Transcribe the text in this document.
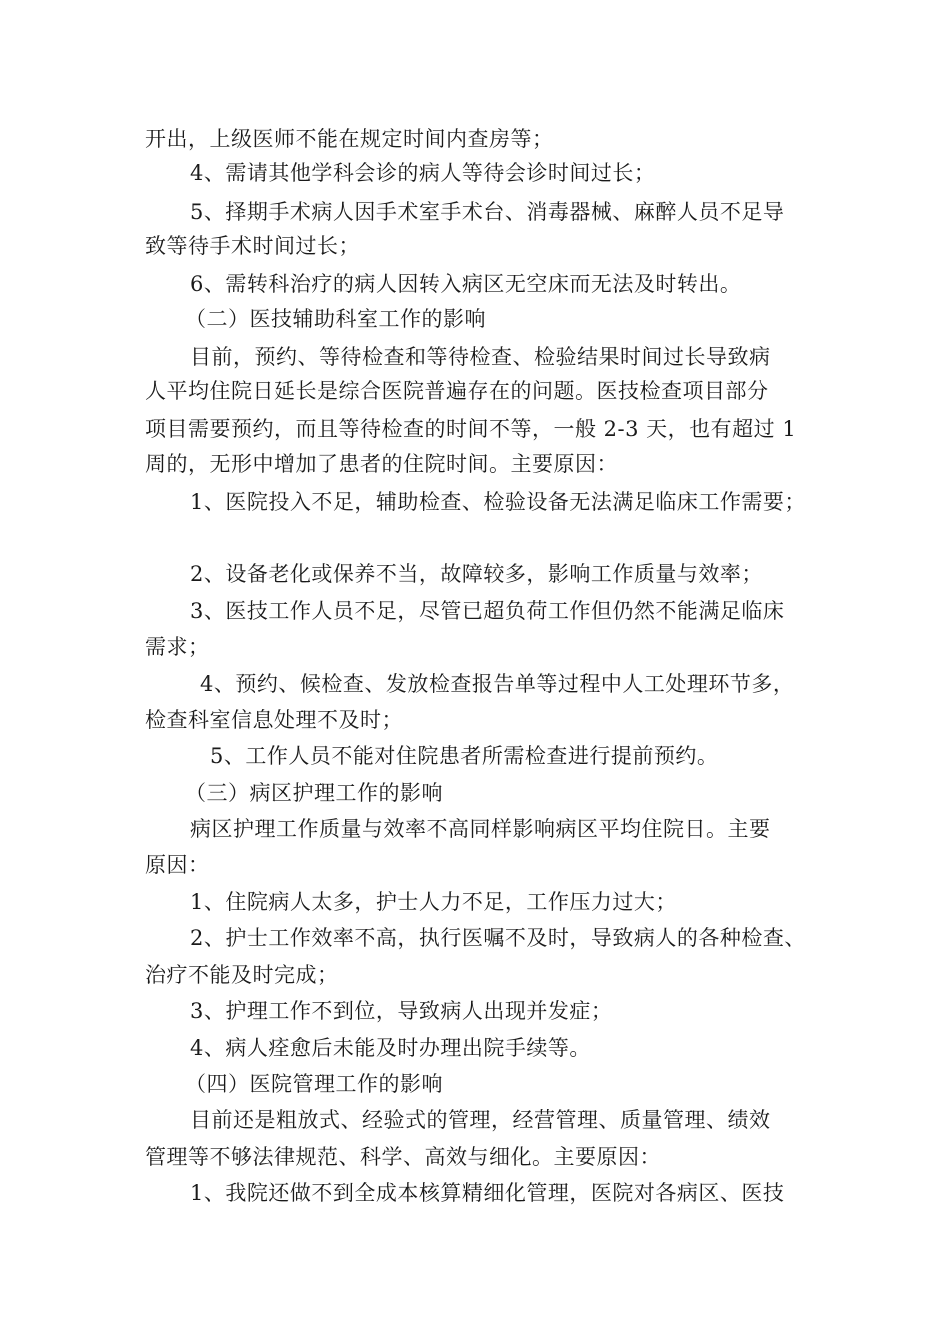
开出，上级医师不能在规定时间内查房等；

4、需请其他学科会诊的病人等待会诊时间过长；

5、择期手术病人因手术室手术台、消毒器械、麻醉人员不足导

致等待手术时间过长；

6、需转科治疗的病人因转入病区无空床而无法及时转出。

（二）医技辅助科室工作的影响

目前，预约、等待检查和等待检查、检验结果时间过长导致病

人平均住院日延长是综合医院普遍存在的问题。医技检查项目部分

项目需要预约，而且等待检查的时间不等，一般 2-3 天，也有超过 1

周的，无形中增加了患者的住院时间。主要原因：

1、医院投入不足，辅助检查、检验设备无法满足临床工作需要；

2、设备老化或保养不当，故障较多，影响工作质量与效率；

3、医技工作人员不足，尽管已超负荷工作但仍然不能满足临床

需求；

4、预约、候检查、发放检查报告单等过程中人工处理环节多，

检查科室信息处理不及时；

5、工作人员不能对住院患者所需检查进行提前预约。

（三）病区护理工作的影响

病区护理工作质量与效率不高同样影响病区平均住院日。主要

原因：

1、住院病人太多，护士人力不足，工作压力过大；

2、护士工作效率不高，执行医嘱不及时，导致病人的各种检查、

治疗不能及时完成；

3、护理工作不到位，导致病人出现并发症；

4、病人痊愈后未能及时办理出院手续等。

（四）医院管理工作的影响

目前还是粗放式、经验式的管理，经营管理、质量管理、绩效

管理等不够法律规范、科学、高效与细化。主要原因：

1、我院还做不到全成本核算精细化管理，医院对各病区、医技
